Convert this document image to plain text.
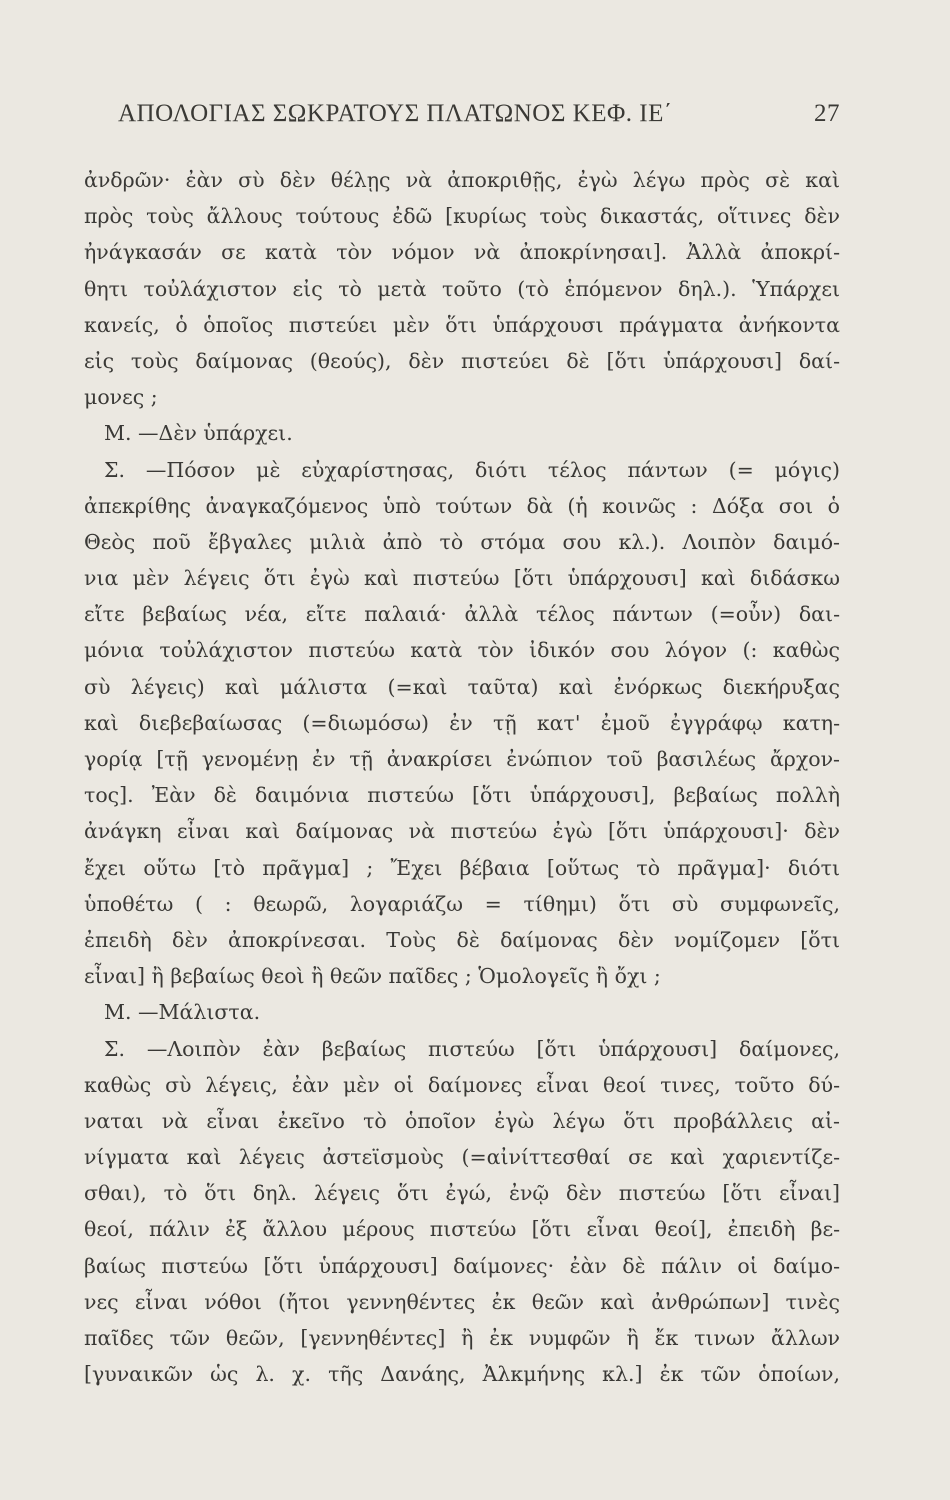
ΑΠΟΛΟΓΙΑΣ ΣΩΚΡΑΤΟΥΣ ΠΛΑΤΩΝΟΣ ΚΕΦ. ΙΕ΄	27
ἀνδρῶν· ἐὰν σὺ δὲν θέλῃς νὰ ἀποκριθῇς, ἐγὼ λέγω πρὸς σὲ καὶ
πρὸς τοὺς ἄλλους τούτους ἐδῶ [κυρίως τοὺς δικαστάς, οἵτινες δὲν
ἠνάγκασάν σε κατὰ τὸν νόμον νὰ ἀποκρίνησαι]. Ἀλλὰ ἀποκρί-
θητι τοὐλάχιστον εἰς τὸ μετὰ τοῦτο (τὸ ἑπόμενον δηλ.). Ὑπάρχει
κανείς, ὁ ὁποῖος πιστεύει μὲν ὅτι ὑπάρχουσι πράγματα ἀνήκοντα
εἰς τοὺς δαίμονας (θεούς), δὲν πιστεύει δὲ [ὅτι ὑπάρχουσι] δαί-
μονες ;
Μ. —Δὲν ὑπάρχει.
Σ. —Πόσον μὲ εὐχαρίστησας, διότι τέλος πάντων (= μόγις)
ἀπεκρίθης ἀναγκαζόμενος ὑπὸ τούτων δὰ (ἡ κοινῶς : Δόξα σοι ὁ
Θεὸς ποῦ ἔβγαλες μιλιὰ ἀπὸ τὸ στόμα σου κλ.). Λοιπὸν δαιμό-
νια μὲν λέγεις ὅτι ἐγὼ καὶ πιστεύω [ὅτι ὑπάρχουσι] καὶ διδάσκω
εἴτε βεβαίως νέα, εἴτε παλαιά· ἀλλὰ τέλος πάντων (=οὖν) δαι-
μόνια τοὐλάχιστον πιστεύω κατὰ τὸν ἰδικόν σου λόγον (: καθὼς
σὺ λέγεις) καὶ μάλιστα (=καὶ ταῦτα) καὶ ἐνόρκως διεκήρυξας
καὶ διεβεβαίωσας (=διωμόσω) ἐν τῇ κατ' ἐμοῦ ἐγγράφῳ κατη-
γορίᾳ [τῇ γενομένῃ ἐν τῇ ἀνακρίσει ἐνώπιον τοῦ βασιλέως ἄρχον-
τος]. Ἐὰν δὲ δαιμόνια πιστεύω [ὅτι ὑπάρχουσι], βεβαίως πολλὴ
ἀνάγκη εἶναι καὶ δαίμονας νὰ πιστεύω ἐγὼ [ὅτι ὑπάρχουσι]· δὲν
ἔχει οὕτω [τὸ πρᾶγμα] ; Ἔχει βέβαια [οὕτως τὸ πρᾶγμα]· διότι
ὑποθέτω ( : θεωρῶ, λογαριάζω = τίθημι) ὅτι σὺ συμφωνεῖς,
ἐπειδὴ δὲν ἀποκρίνεσαι. Τοὺς δὲ δαίμονας δὲν νομίζομεν [ὅτι
εἶναι] ἢ βεβαίως θεοὶ ἢ θεῶν παῖδες ; Ὁμολογεῖς ἢ ὄχι ;
Μ. —Μάλιστα.
Σ. —Λοιπὸν ἐὰν βεβαίως πιστεύω [ὅτι ὑπάρχουσι] δαίμονες,
καθὼς σὺ λέγεις, ἐὰν μὲν οἱ δαίμονες εἶναι θεοί τινες, τοῦτο δύ-
ναται νὰ εἶναι ἐκεῖνο τὸ ὁποῖον ἐγὼ λέγω ὅτι προβάλλεις αἰ-
νίγματα καὶ λέγεις ἀστεϊσμοὺς (=αἰνίττεσθαί σε καὶ χαριεντίζε-
σθαι), τὸ ὅτι δηλ. λέγεις ὅτι ἐγώ, ἐνῷ δὲν πιστεύω [ὅτι εἶναι]
θεοί, πάλιν ἐξ ἄλλου μέρους πιστεύω [ὅτι εἶναι θεοί], ἐπειδὴ βε-
βαίως πιστεύω [ὅτι ὑπάρχουσι] δαίμονες· ἐὰν δὲ πάλιν οἱ δαίμο-
νες εἶναι νόθοι (ἤτοι γεννηθέντες ἐκ θεῶν καὶ ἀνθρώπων] τινὲς
παῖδες τῶν θεῶν, [γεννηθέντες] ἢ ἐκ νυμφῶν ἢ ἔκ τινων ἄλλων
[γυναικῶν ὡς λ. χ. τῆς Δανάης, Ἀλκμήνης κλ.] ἐκ τῶν ὁποίων,
